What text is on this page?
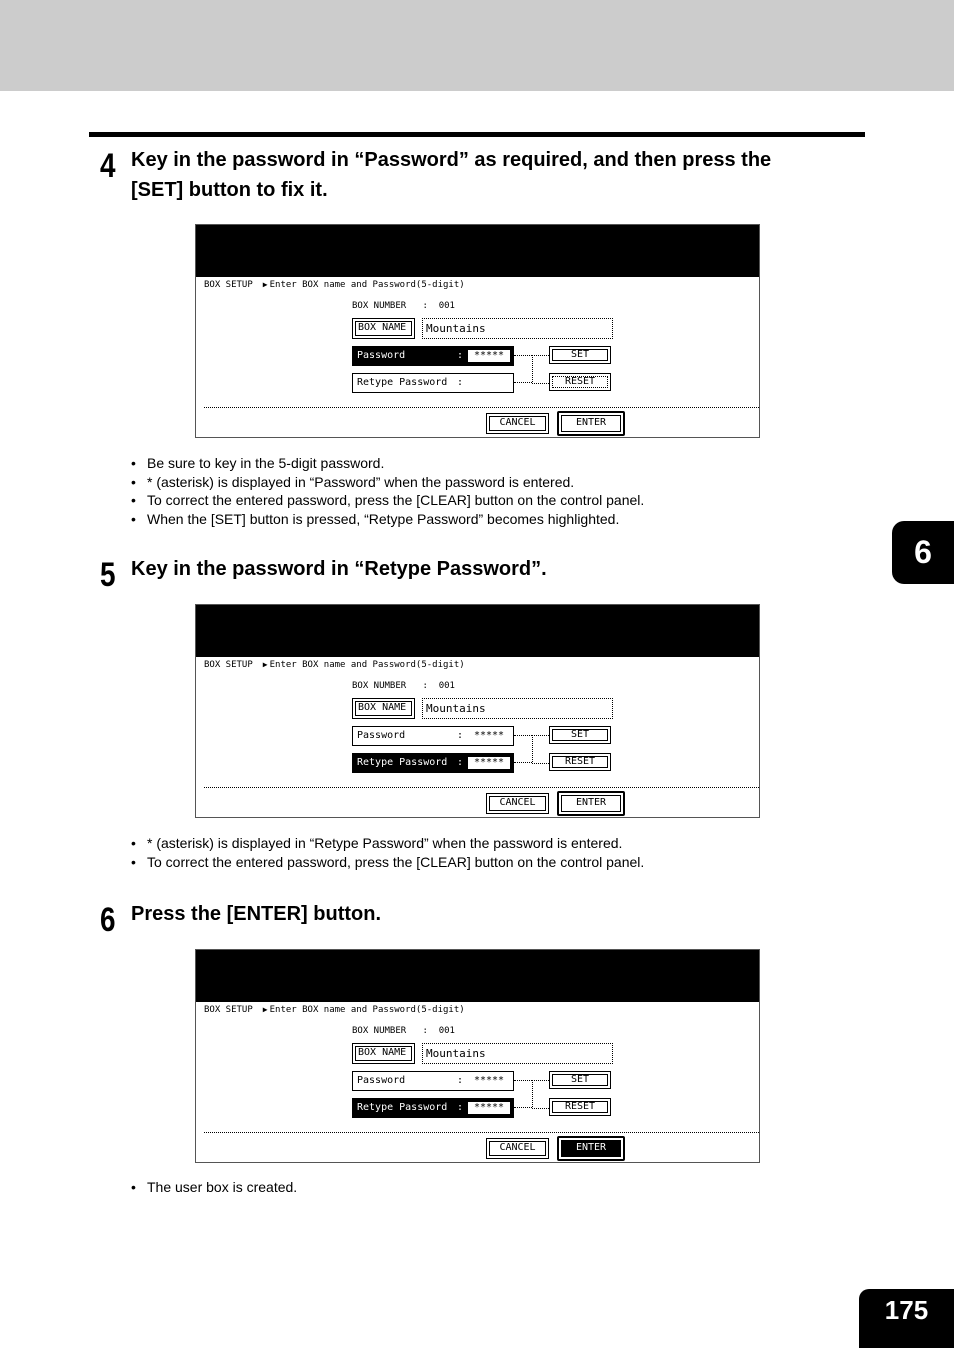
4 Key in the password in “Password” as required, and then press the
[SET] button to fix it.
BOX SETUP ▶ Enter BOX name and Password(5-digit)
BOX NUMBER   :  001
BOX NAME	Mountains
Password	:	*****
Retype Password :
SET
RESET
CANCEL	ENTER
• Be sure to key in the 5-digit password.
• * (asterisk) is displayed in “Password” when the password is entered.
• To correct the entered password, press the [CLEAR] button on the control panel.
• When the [SET] button is pressed, “Retype Password” becomes highlighted.
6
5 Key in the password in “Retype Password”.
BOX SETUP ▶ Enter BOX name and Password(5-digit)
BOX NUMBER   :  001
BOX NAME	Mountains
Password	:	*****
Retype Password :	*****
SET
RESET
CANCEL	ENTER
• * (asterisk) is displayed in “Retype Password” when the password is entered.
• To correct the entered password, press the [CLEAR] button on the control panel.
6 Press the [ENTER] button.
BOX SETUP ▶ Enter BOX name and Password(5-digit)
BOX NUMBER   :  001
BOX NAME	Mountains
Password	:	*****
Retype Password :	*****
SET
RESET
CANCEL	ENTER
• The user box is created.
175
